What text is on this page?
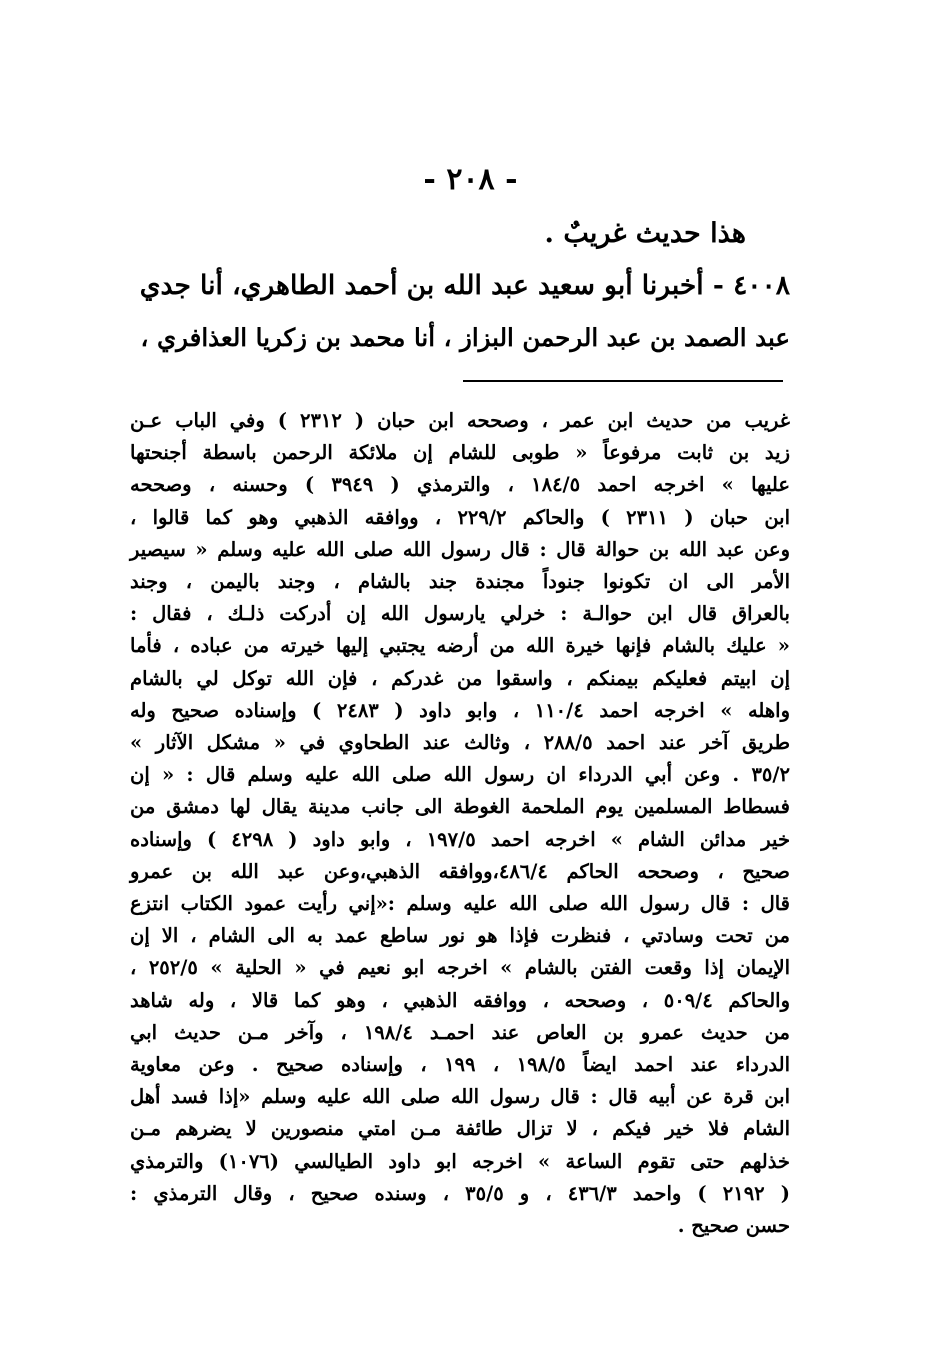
- ٢٠٨ -
هذا حديث غريبٌ .
٤٠٠٨ - أخبرنا أبو سعيد عبد الله بن أحمد الطاهري، أنا جدي
عبد الصمد بن عبد الرحمن البزاز ، أنا محمد بن زكريا العذافري ،
غريب من حديث ابن عمر ، وصححه ابن حبان ( ٢٣١٢ ) وفي الباب عـن
زيد بن ثابت مرفوعاً « طوبى للشام إن ملائكة الرحمن باسطة أجنحتها
عليها » اخرجه احمد ١٨٤/٥ ، والترمذي ( ٣٩٤٩ ) وحسنه ، وصححه
ابن حبان ( ٢٣١١ ) والحاكم ٢٢٩/٢ ، ووافقه الذهبي وهو كما قالوا ،
وعن عبد الله بن حوالة قال : قال رسول الله صلى الله عليه وسلم « سيصير
الأمر الى ان تكونوا جنوداً مجندة جند بالشام ، وجند باليمن ، وجند
بالعراق قال ابن حوالـة : خرلي يارسول الله إن أدركت ذلـك ، فقال :
« عليك بالشام فإنها خيرة الله من أرضه يجتبي إليها خيرته من عباده ، فأما
إن ابيتم فعليكم بيمنكم ، واسقوا من غدركم ، فإن الله توكل لي بالشام
واهله » اخرجه احمد ١١٠/٤ ، وابو داود ( ٢٤٨٣ ) وإسناده صحيح وله
طريق آخر عند احمد ٢٨٨/٥ ، وثالث عند الطحاوي في « مشكل الآثار »
٣٥/٢ . وعن أبي الدرداء ان رسول الله صلى الله عليه وسلم قال : « إن
فسطاط المسلمين يوم الملحمة الغوطة الى جانب مدينة يقال لها دمشق من
خير مدائن الشام » اخرجه احمد ١٩٧/٥ ، وابو داود ( ٤٢٩٨ ) وإسناده
صحيح ، وصححه الحاكم ٤٨٦/٤،ووافقه الذهبي،وعن عبد الله بن عمرو
قال : قال رسول الله صلى الله عليه وسلم :«إني رأيت عمود الكتاب انتزع
من تحت وسادتي ، فنظرت فإذا هو نور ساطع عمد به الى الشام ، الا إن
الإيمان إذا وقعت الفتن بالشام » اخرجه ابو نعيم في « الحلية » ٢٥٢/٥ ،
والحاكم ٥٠٩/٤ ، وصححه ، ووافقه الذهبي ، وهو كما قالا ، وله شاهد
من حديث عمرو بن العاص عند احمـد ١٩٨/٤ ، وآخر مـن حديث ابي
الدرداء عند احمد ايضاً ١٩٨/٥ ، ١٩٩ ، وإسناده صحيح . وعن معاوية
ابن قرة عن أبيه قال : قال رسول الله صلى الله عليه وسلم «إذا فسد أهل
الشام فلا خير فيكم ، لا تزال طائفة مـن امتي منصورين لا يضرهم مـن
خذلهم حتى تقوم الساعة » اخرجه ابو داود الطيالسي (١٠٧٦) والترمذي
( ٢١٩٢ ) واحمد ٤٣٦/٣ ، و ٣٥/٥ ، وسنده صحيح ، وقال الترمذي :
حسن صحيح .
